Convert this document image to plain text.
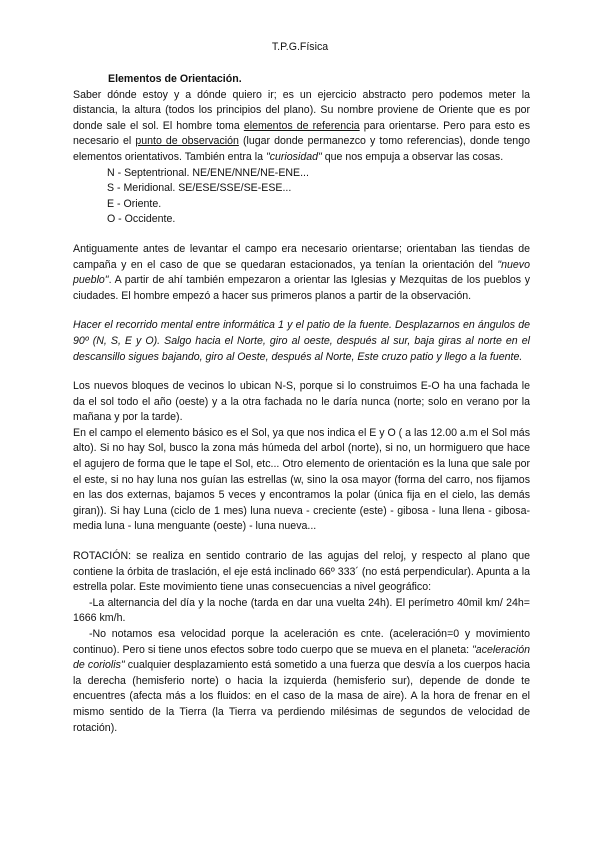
T.P.G.Física
Elementos de Orientación.

Saber dónde estoy y a dónde quiero ir; es un ejercicio abstracto pero podemos meter la distancia, la altura (todos los principios del plano). Su nombre proviene de Oriente que es por donde sale el sol. El hombre toma elementos de referencia para orientarse. Pero para esto es necesario el punto de observación (lugar donde permanezco y tomo referencias), donde tengo elementos orientativos. También entra la "curiosidad" que nos empuja a observar las cosas.

N - Septentrional. NE/ENE/NNE/NE-ENE...
S - Meridional. SE/ESE/SSE/SE-ESE...
E - Oriente.
O - Occidente.

Antiguamente antes de levantar el campo era necesario orientarse; orientaban las tiendas de campaña y en el caso de que se quedaran estacionados, ya tenían la orientación del "nuevo pueblo". A partir de ahí también empezaron a orientar las Iglesias y Mezquitas de los pueblos y ciudades. El hombre empezó a hacer sus primeros planos a partir de la observación.

Hacer el recorrido mental entre informática 1 y el patio de la fuente. Desplazarnos en ángulos de 90º (N, S, E y O). Salgo hacia el Norte, giro al oeste, después al sur, baja giras al norte en el descansillo sigues bajando, giro al Oeste, después al Norte, Este cruzo patio y llego a la fuente.

Los nuevos bloques de vecinos lo ubican N-S, porque si lo construimos E-O ha una fachada le da el sol todo el año (oeste) y a la otra fachada no le daría nunca (norte; solo en verano por la mañana y por la tarde).

En el campo el elemento básico es el Sol, ya que nos indica el E y O ( a las 12.00 a.m el Sol más alto). Si no hay Sol, busco la zona más húmeda del arbol (norte), si no, un hormiguero que hace el agujero de forma que le tape el Sol, etc... Otro elemento de orientación es la luna que sale por el este, si no hay luna nos guían las estrellas (w, sino la osa mayor (forma del carro, nos fijamos en las dos externas, bajamos 5 veces y encontramos la polar (única fija en el cielo, las demás giran)). Si hay Luna (ciclo de 1 mes) luna nueva - creciente (este) - gibosa - luna llena - gibosa- media luna - luna menguante (oeste) - luna nueva...

ROTACIÓN: se realiza en sentido contrario de las agujas del reloj, y respecto al plano que contiene la órbita de traslación, el eje está inclinado 66º 333´ (no está perpendicular). Apunta a la estrella polar. Este movimiento tiene unas consecuencias a nivel geográfico:

-La alternancia del día y la noche (tarda en dar una vuelta 24h). El perímetro 40mil km/ 24h= 1666 km/h.

-No notamos esa velocidad porque la aceleración es cnte. (aceleración=0 y movimiento continuo). Pero si tiene unos efectos sobre todo cuerpo que se mueva en el planeta: "aceleración de coriolis" cualquier desplazamiento está sometido a una fuerza que desvía a los cuerpos hacia la derecha (hemisferio norte) o hacia la izquierda (hemisferio sur), depende de donde te encuentres (afecta más a los fluidos: en el caso de la masa de aire). A la hora de frenar en el mismo sentido de la Tierra (la Tierra va perdiendo milésimas de segundos de velocidad de rotación).
